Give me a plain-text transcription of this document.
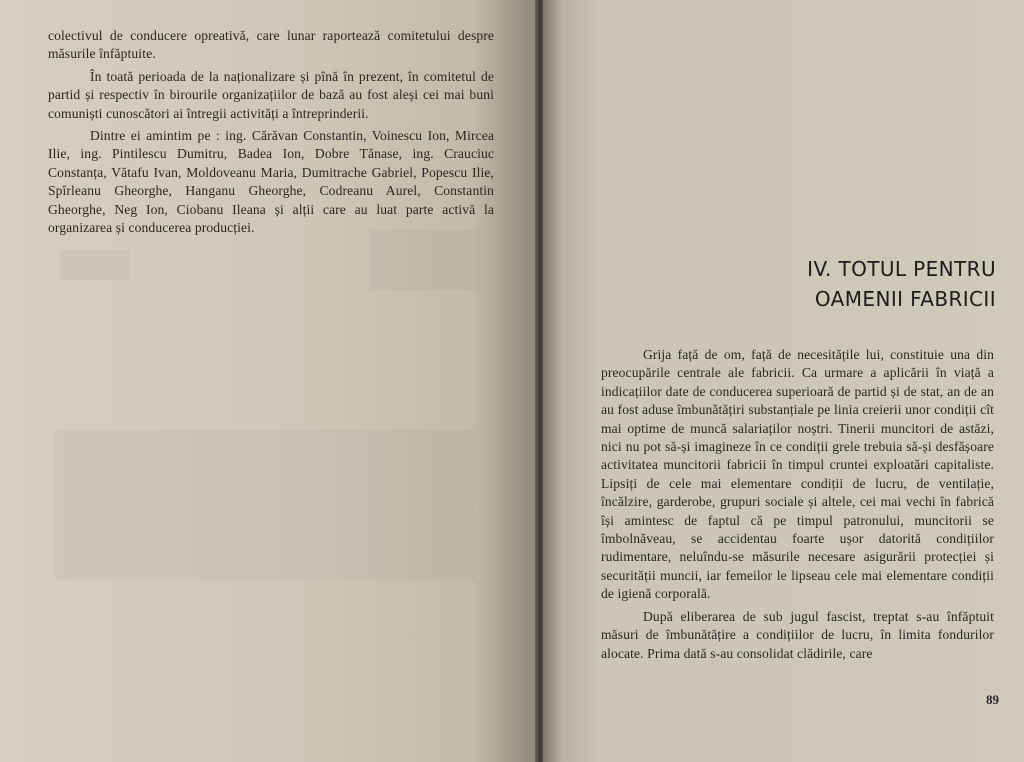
colectivul de conducere opreativă, care lunar raportează comitetului despre măsurile înfăptuite.

În toată perioada de la naționalizare și pînă în prezent, în comitetul de partid și respectiv în birourile organizațiilor de bază au fost aleși cei mai buni comuniști cunoscători ai întregii activități a întreprinderii.

Dintre ei amintim pe : ing. Cărăvan Constantin, Voinescu Ion, Mircea Ilie, ing. Pintilescu Dumitru, Badea Ion, Dobre Tănase, ing. Crauciuc Constanța, Vătafu Ivan, Moldoveanu Maria, Dumitrache Gabriel, Popescu Ilie, Spîrleanu Gheorghe, Hanganu Gheorghe, Codreanu Aurel, Constantin Gheorghe, Neg Ion, Ciobanu Ileana și alții care au luat parte activă la organizarea și conducerea producției.

IV. TOTUL PENTRU
OAMENII FABRICII

Grija față de om, față de necesitățile lui, constituie una din preocupările centrale ale fabricii. Ca urmare a aplicării în viață a indicațiilor date de conducerea superioară de partid și de stat, an de an au fost aduse îmbunătățiri substanțiale pe linia creierii unor condiții cît mai optime de muncă salariaților noștri. Tinerii muncitori de astăzi, nici nu pot să-și imagineze în ce condiții grele trebuia să-și desfășoare activitatea muncitorii fabricii în timpul cruntei exploatări capitaliste. Lipsiți de cele mai elementare condiții de lucru, de ventilație, încălzire, garderobe, grupuri sociale și altele, cei mai vechi în fabrică își amintesc de faptul că pe timpul patronului, muncitorii se îmbolnăveau, se accidentau foarte ușor datorită condițiilor rudimentare, neluîndu-se măsurile necesare asigurării protecției și securității muncii, iar femeilor le lipseau cele mai elementare condiții de igienă corporală.

După eliberarea de sub jugul fascist, treptat s-au înfăptuit măsuri de îmbunătățire a condițiilor de lucru, în limita fondurilor alocate. Prima dată s-au consolidat clădirile, care

89
